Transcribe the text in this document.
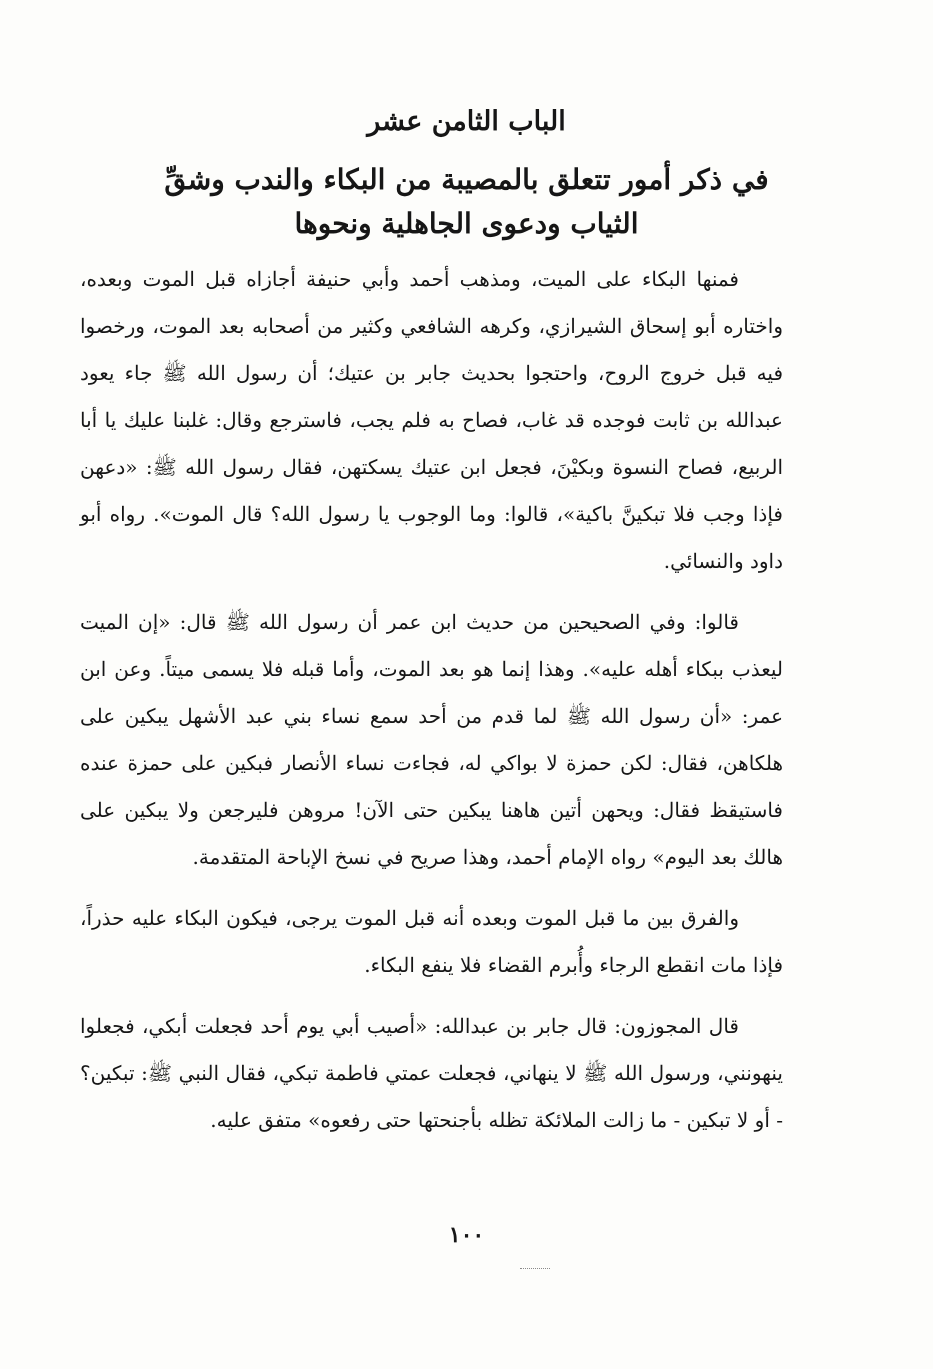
الباب الثامن عشر
في ذكر أمور تتعلق بالمصيبة من البكاء والندب وشقِّ الثياب ودعوى الجاهلية ونحوها

فمنها البكاء على الميت، ومذهب أحمد وأبي حنيفة أجازاه قبل الموت وبعده، واختاره أبو إسحاق الشيرازي، وكرهه الشافعي وكثير من أصحابه بعد الموت، ورخصوا فيه قبل خروج الروح، واحتجوا بحديث جابر بن عتيك؛ أن رسول الله ﷺ جاء يعود عبدالله بن ثابت فوجده قد غاب، فصاح به فلم يجب، فاسترجع وقال: غلبنا عليك يا أبا الربيع، فصاح النسوة وبكيْنَ، فجعل ابن عتيك يسكتهن، فقال رسول الله ﷺ: «دعهن فإذا وجب فلا تبكينَّ باكية»، قالوا: وما الوجوب يا رسول الله؟ قال الموت». رواه أبو داود والنسائي.

قالوا: وفي الصحيحين من حديث ابن عمر أن رسول الله ﷺ قال: «إن الميت ليعذب ببكاء أهله عليه». وهذا إنما هو بعد الموت، وأما قبله فلا يسمى ميتاً. وعن ابن عمر: «أن رسول الله ﷺ لما قدم من أحد سمع نساء بني عبد الأشهل يبكين على هلكاهن، فقال: لكن حمزة لا بواكي له، فجاءت نساء الأنصار فبكين على حمزة عنده فاستيقظ فقال: ويحهن أتين هاهنا يبكين حتى الآن! مروهن فليرجعن ولا يبكين على هالك بعد اليوم» رواه الإمام أحمد، وهذا صريح في نسخ الإباحة المتقدمة.

والفرق بين ما قبل الموت وبعده أنه قبل الموت يرجى، فيكون البكاء عليه حذراً، فإذا مات انقطع الرجاء وأُبرم القضاء فلا ينفع البكاء.

قال المجوزون: قال جابر بن عبدالله: «أصيب أبي يوم أحد فجعلت أبكي، فجعلوا ينهونني، ورسول الله ﷺ لا ينهاني، فجعلت عمتي فاطمة تبكي، فقال النبي ﷺ: تبكين؟ - أو لا تبكين - ما زالت الملائكة تظله بأجنحتها حتى رفعوه» متفق عليه.

١٠٠
